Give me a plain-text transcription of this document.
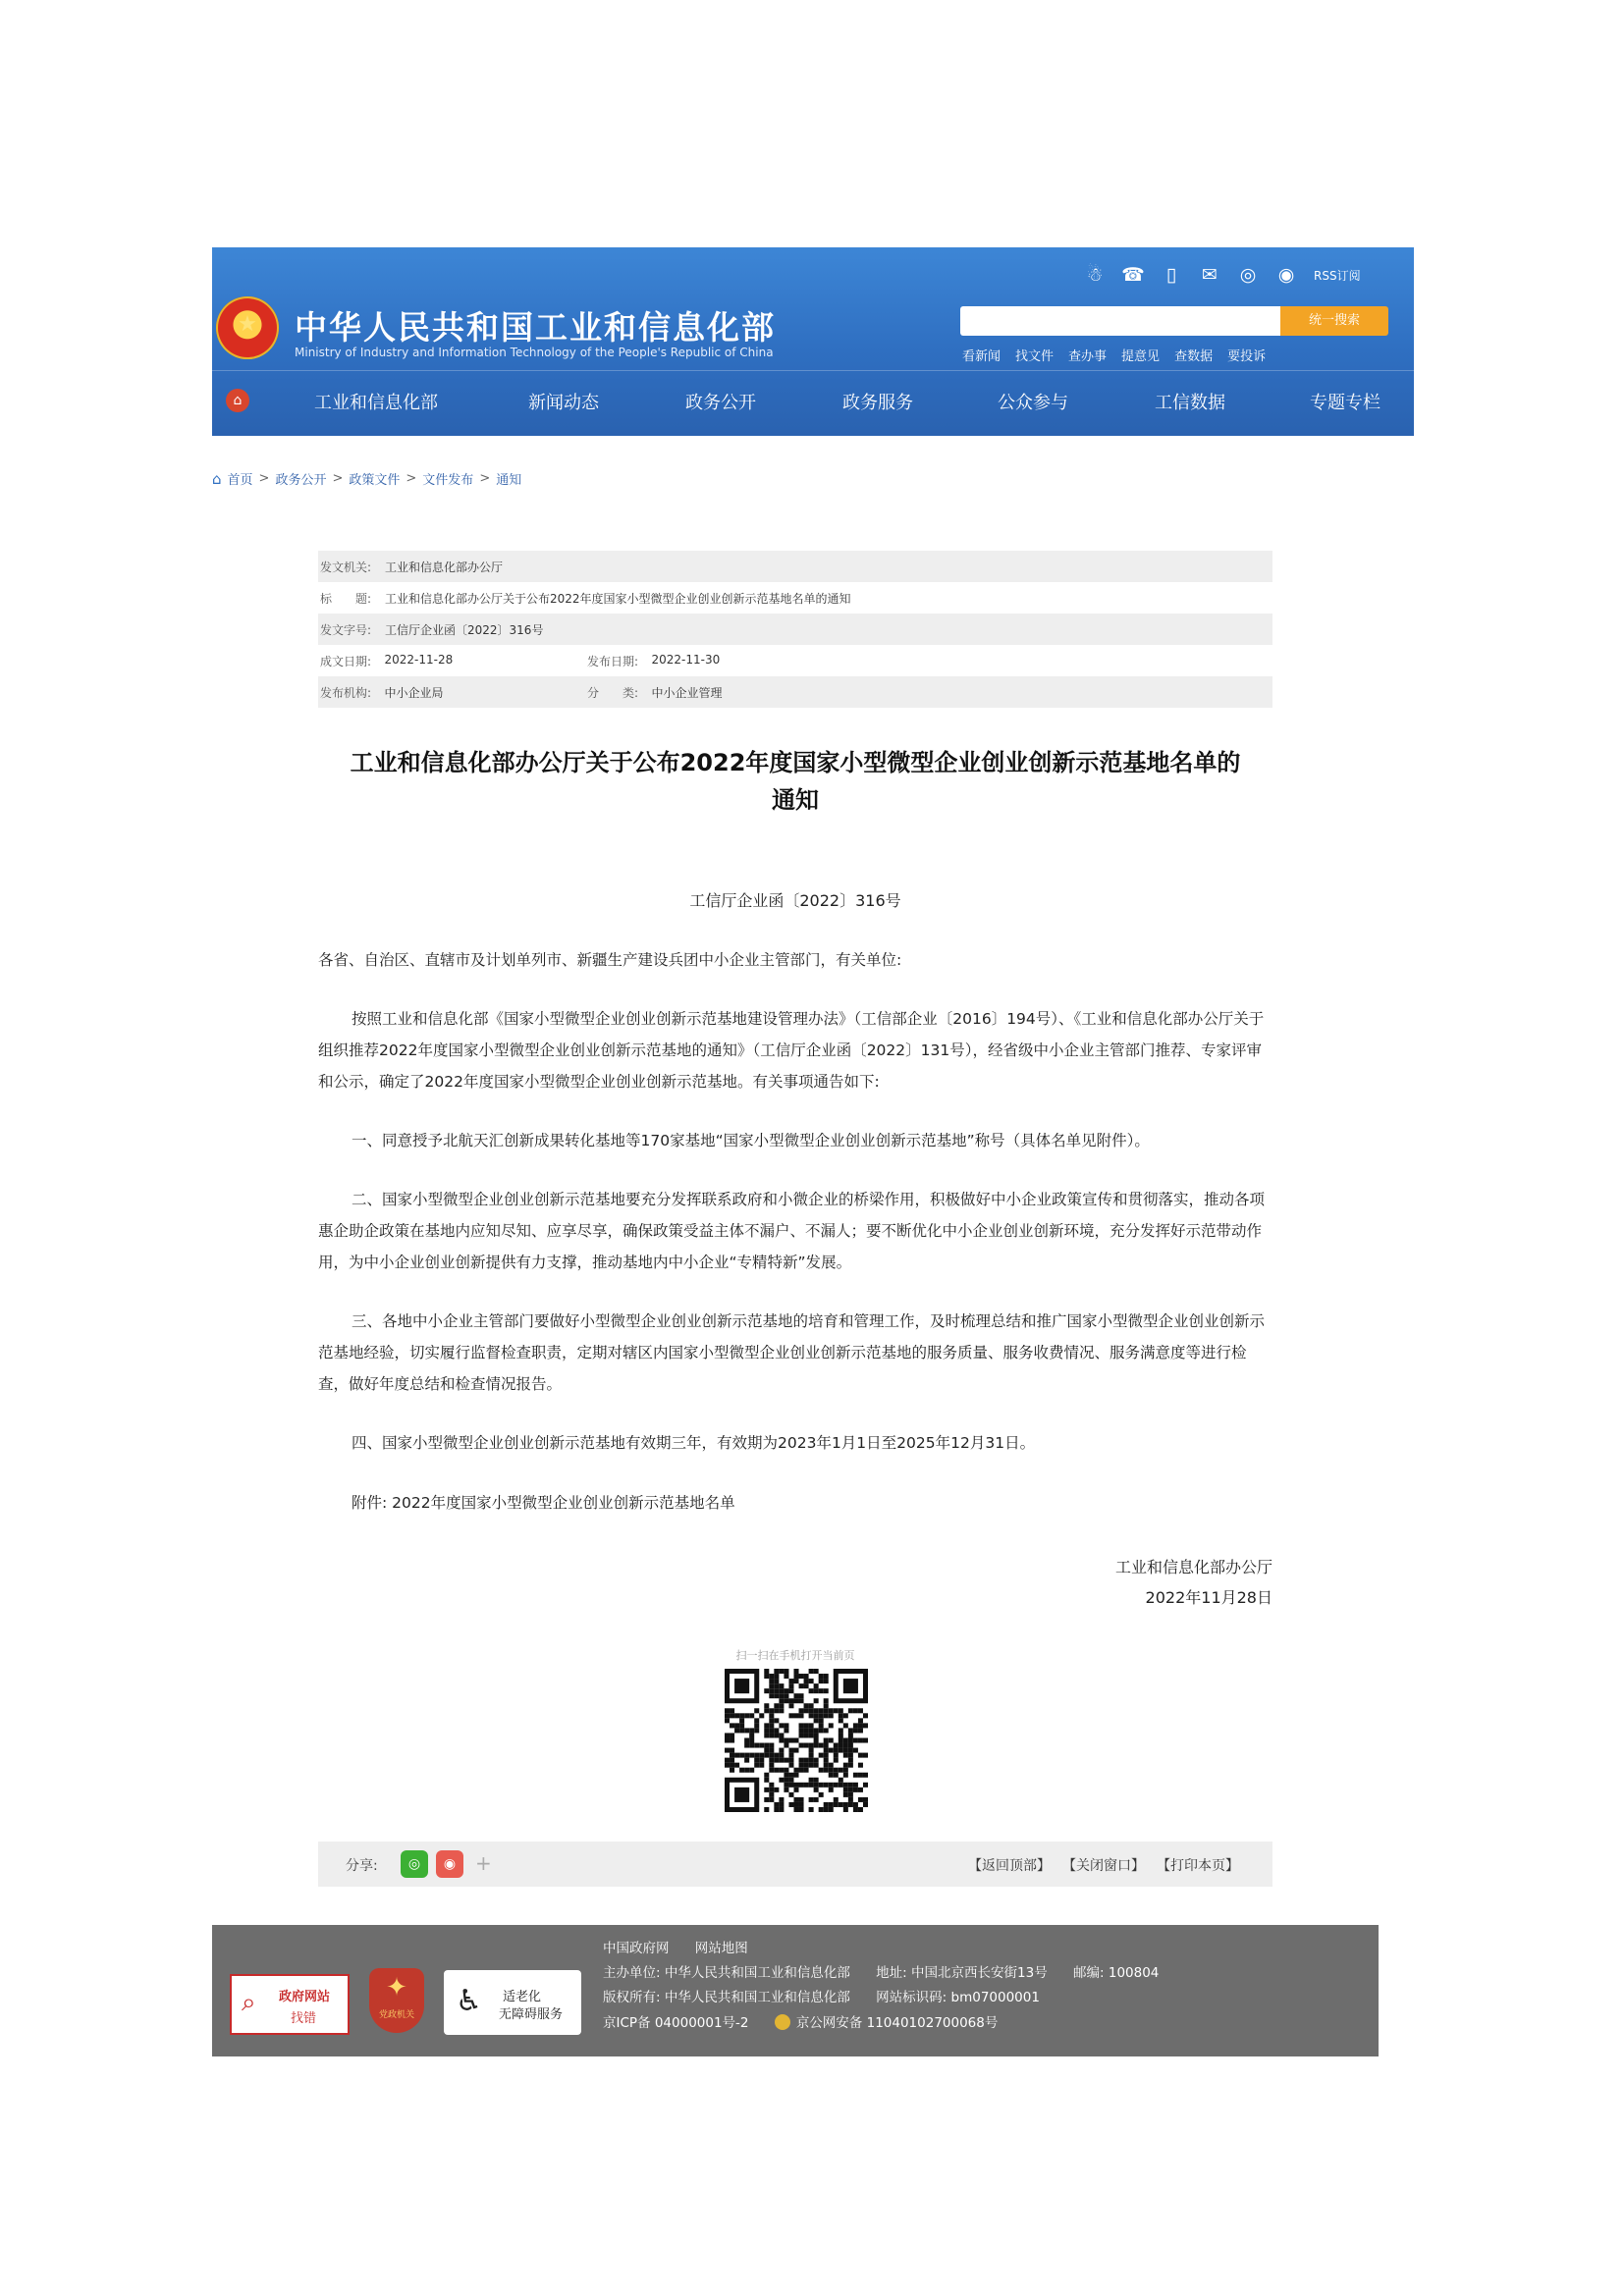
★	中华人民共和国工业和信息化部
Ministry of Industry and Information Technology of the People's Republic of China
☃ ☎	▯	✉ ◎ ◉	RSS订阅
统一搜索
看新闻 找文件 查办事 提意见 查数据 要投诉
⌂	工业和信息化部	新闻动态	政务公开	政务服务	公众参与	工信数据	专题专栏
⌂ 首页 > 政务公开 > 政策文件 > 文件发布 > 通知
发文机关:	工业和信息化部办公厅
标　　题:	工业和信息化部办公厅关于公布2022年度国家小型微型企业创业创新示范基地名单的通知
发文字号:	工信厅企业函〔2022〕316号
成文日期:	2022-11-28	发布日期:	2022-11-30
发布机构:	中小企业局	分　　类:	中小企业管理
工业和信息化部办公厅关于公布2022年度国家小型微型企业创业创新示范基地名单的
通知
工信厅企业函〔2022〕316号
各省、自治区、直辖市及计划单列市、新疆生产建设兵团中小企业主管部门，有关单位:
按照工业和信息化部《国家小型微型企业创业创新示范基地建设管理办法》（工信部企业〔2016〕194号）、《工业和信息化部办公厅关于组织推荐2022年度国家小型微型企业创业创新示范基地的通知》（工信厅企业函〔2022〕131号），经省级中小企业主管部门推荐、专家评审和公示，确定了2022年度国家小型微型企业创业创新示范基地。有关事项通告如下:
一、同意授予北航天汇创新成果转化基地等170家基地“国家小型微型企业创业创新示范基地”称号（具体名单见附件）。
二、国家小型微型企业创业创新示范基地要充分发挥联系政府和小微企业的桥梁作用，积极做好中小企业政策宣传和贯彻落实，推动各项惠企助企政策在基地内应知尽知、应享尽享，确保政策受益主体不漏户、不漏人；要不断优化中小企业创业创新环境，充分发挥好示范带动作用，为中小企业创业创新提供有力支撑，推动基地内中小企业“专精特新”发展。
三、各地中小企业主管部门要做好小型微型企业创业创新示范基地的培育和管理工作，及时梳理总结和推广国家小型微型企业创业创新示范基地经验，切实履行监督检查职责，定期对辖区内国家小型微型企业创业创新示范基地的服务质量、服务收费情况、服务满意度等进行检查，做好年度总结和检查情况报告。
四、国家小型微型企业创业创新示范基地有效期三年，有效期为2023年1月1日至2025年12月31日。
附件: 2022年度国家小型微型企业创业创新示范基地名单
工业和信息化部办公厅
2022年11月28日
扫一扫在手机打开当前页
分享:	◎	◉ +	【返回顶部】 【关闭窗口】 【打印本页】
⌕ 政府网站
找错
✦
党政机关	♿ 适老化
无障碍服务
中国政府网 网站地图
主办单位: 中华人民共和国工业和信息化部 地址: 中国北京西长安街13号 邮编: 100804
版权所有: 中华人民共和国工业和信息化部 网站标识码: bm07000001
京ICP备 04000001号-2	京公网安备 11040102700068号
